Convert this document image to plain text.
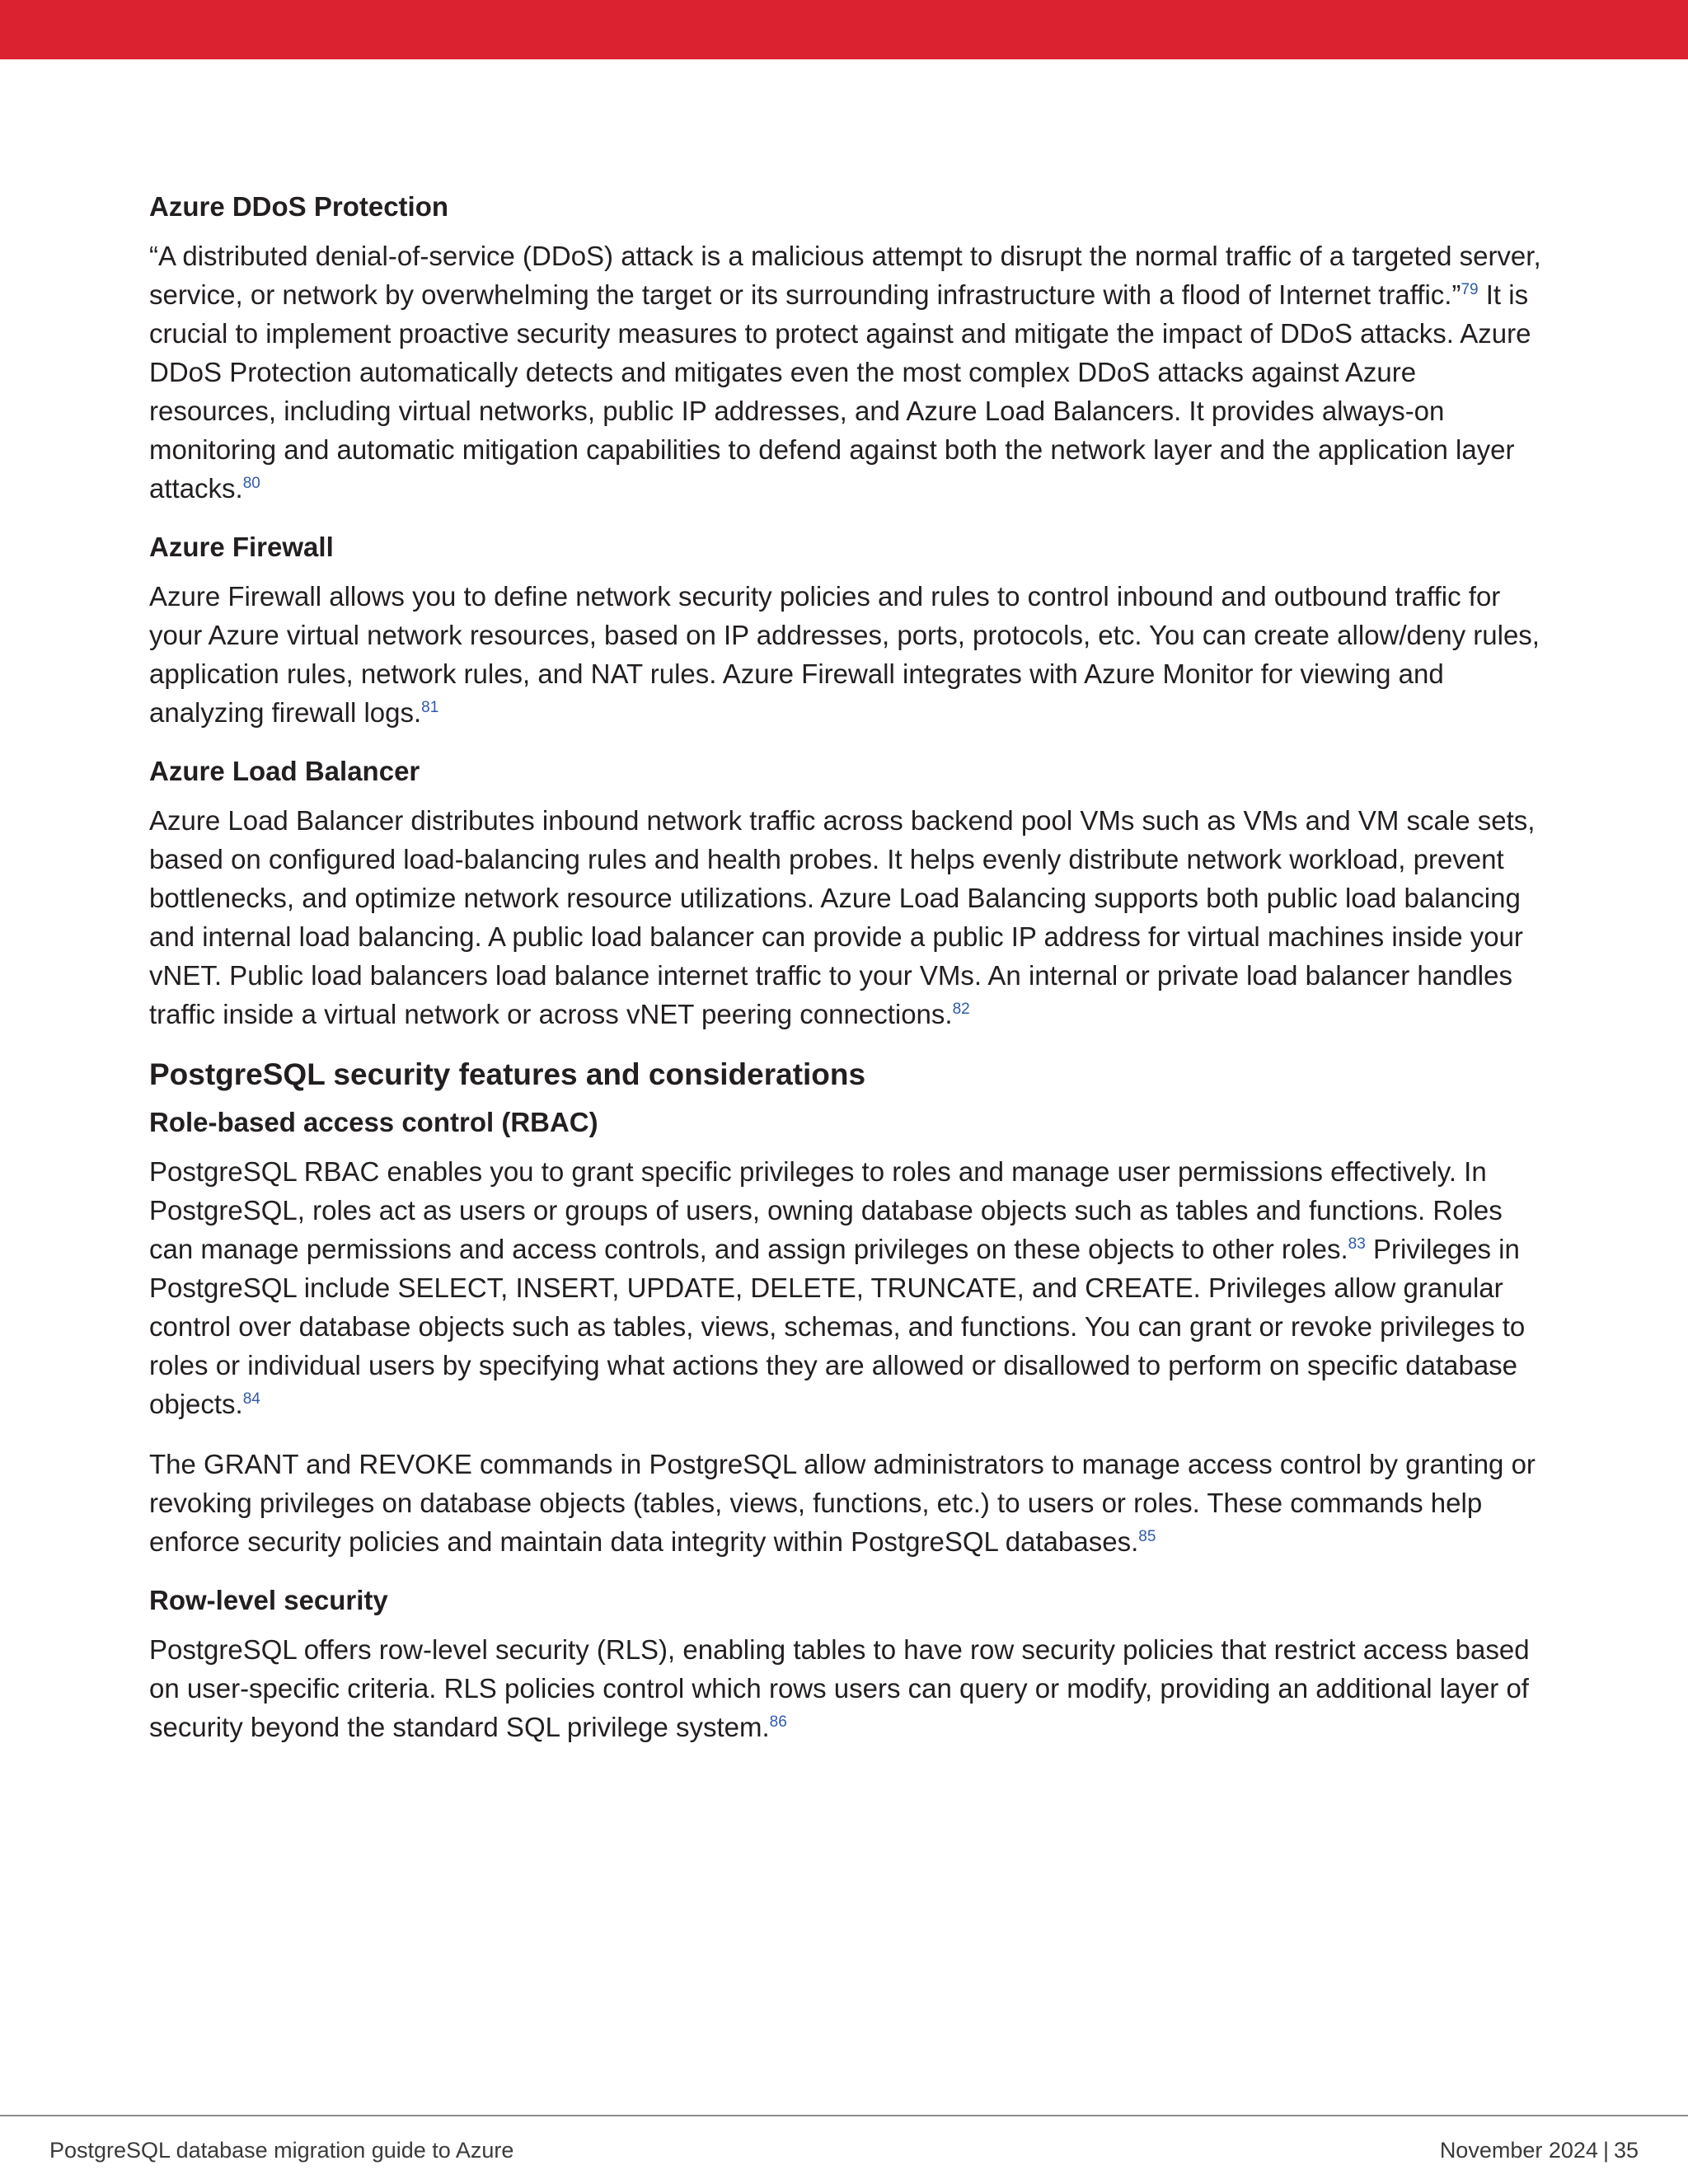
Azure DDoS Protection
“A distributed denial-of-service (DDoS) attack is a malicious attempt to disrupt the normal traffic of a targeted server, service, or network by overwhelming the target or its surrounding infrastructure with a flood of Internet traffic.”$^{79}$ It is crucial to implement proactive security measures to protect against and mitigate the impact of DDoS attacks. Azure DDoS Protection automatically detects and mitigates even the most complex DDoS attacks against Azure resources, including virtual networks, public IP addresses, and Azure Load Balancers. It provides always-on monitoring and automatic mitigation capabilities to defend against both the network layer and the application layer attacks.$^{80}$
Azure Firewall
Azure Firewall allows you to define network security policies and rules to control inbound and outbound traffic for your Azure virtual network resources, based on IP addresses, ports, protocols, etc. You can create allow/deny rules, application rules, network rules, and NAT rules. Azure Firewall integrates with Azure Monitor for viewing and analyzing firewall logs.$^{81}$
Azure Load Balancer
Azure Load Balancer distributes inbound network traffic across backend pool VMs such as VMs and VM scale sets, based on configured load-balancing rules and health probes. It helps evenly distribute network workload, prevent bottlenecks, and optimize network resource utilizations. Azure Load Balancing supports both public load balancing and internal load balancing. A public load balancer can provide a public IP address for virtual machines inside your vNET. Public load balancers load balance internet traffic to your VMs. An internal or private load balancer handles traffic inside a virtual network or across vNET peering connections.$^{82}$
PostgreSQL security features and considerations
Role-based access control (RBAC)
PostgreSQL RBAC enables you to grant specific privileges to roles and manage user permissions effectively. In PostgreSQL, roles act as users or groups of users, owning database objects such as tables and functions. Roles can manage permissions and access controls, and assign privileges on these objects to other roles.$^{83}$ Privileges in PostgreSQL include SELECT, INSERT, UPDATE, DELETE, TRUNCATE, and CREATE. Privileges allow granular control over database objects such as tables, views, schemas, and functions. You can grant or revoke privileges to roles or individual users by specifying what actions they are allowed or disallowed to perform on specific database objects.$^{84}$
The GRANT and REVOKE commands in PostgreSQL allow administrators to manage access control by granting or revoking privileges on database objects (tables, views, functions, etc.) to users or roles. These commands help enforce security policies and maintain data integrity within PostgreSQL databases.$^{85}$
Row-level security
PostgreSQL offers row-level security (RLS), enabling tables to have row security policies that restrict access based on user-specific criteria. RLS policies control which rows users can query or modify, providing an additional layer of security beyond the standard SQL privilege system.$^{86}$
PostgreSQL database migration guide to Azure	November 2024 | 35
